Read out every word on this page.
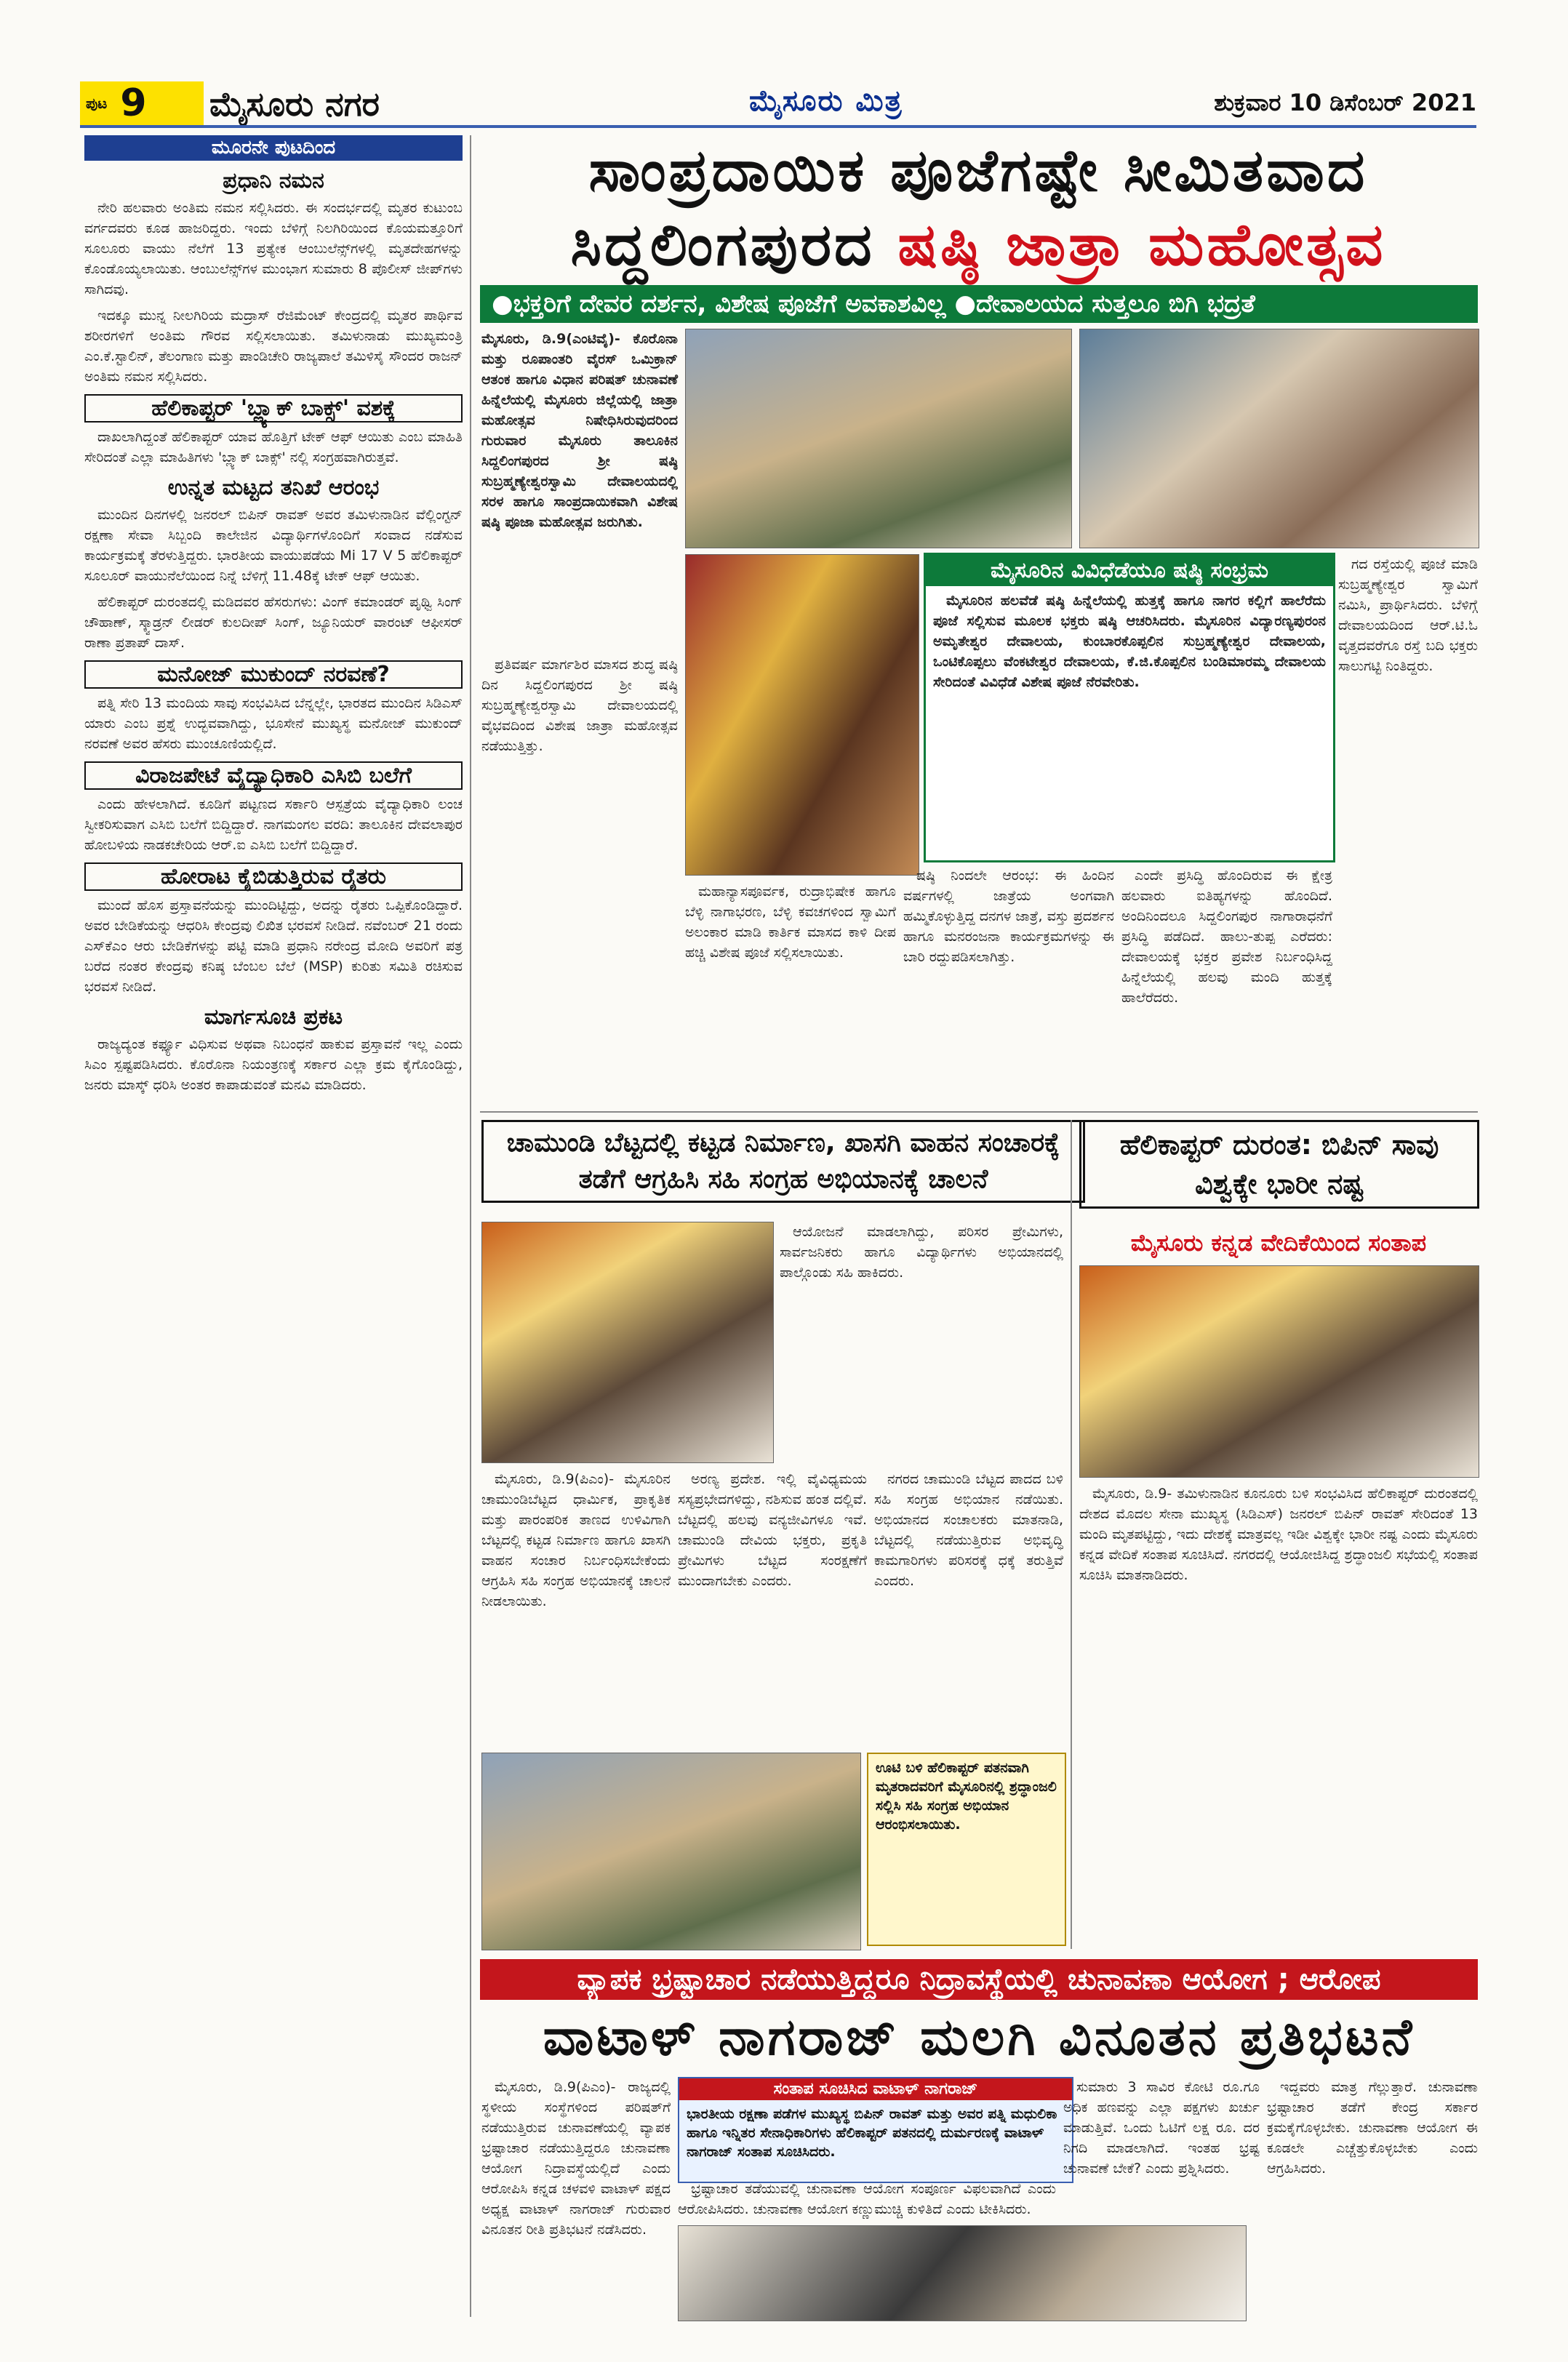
ಪುಟ 9 ಮೈಸೂರು ನಗರ	ಮೈಸೂರು ಮಿತ್ರ	ಶುಕ್ರವಾರ 10 ಡಿಸೆಂಬರ್ 2021
ಮೂರನೇ ಪುಟದಿಂದ
ಪ್ರಧಾನಿ ನಮನ

ನೇರಿ ಹಲವಾರು ಅಂತಿಮ ನಮನ ಸಲ್ಲಿಸಿದರು. ಈ ಸಂದರ್ಭದಲ್ಲಿ ಮೃತರ ಕುಟುಂಬ ವರ್ಗದವರು ಕೂಡ ಹಾಜರಿದ್ದರು. ಇಂದು ಬೆಳಿಗ್ಗೆ ನಿಲಗಿರಿಯಿಂದ ಕೊಯಮತ್ತೂರಿಗೆ ಸೂಲೂರು ವಾಯು ನೆಲೆಗೆ 13 ಪ್ರತ್ಯೇಕ ಆಂಬುಲೆನ್ಸ್‌ಗಳಲ್ಲಿ ಮೃತದೇಹಗಳನ್ನು ಕೊಂಡೊಯ್ಯಲಾಯಿತು. ಆಂಬುಲೆನ್ಸ್‌ಗಳ ಮುಂಭಾಗ ಸುಮಾರು 8 ಪೊಲೀಸ್ ಜೀಪ್‌ಗಳು ಸಾಗಿದವು.

ಇದಕ್ಕೂ ಮುನ್ನ ನೀಲಗಿರಿಯ ಮದ್ರಾಸ್ ರೆಜಿಮೆಂಟ್ ಕೇಂದ್ರದಲ್ಲಿ ಮೃತರ ಪಾರ್ಥಿವ ಶರೀರಗಳಿಗೆ ಅಂತಿಮ ಗೌರವ ಸಲ್ಲಿಸಲಾಯಿತು. ತಮಿಳುನಾಡು ಮುಖ್ಯಮಂತ್ರಿ ಎಂ.ಕೆ.ಸ್ಟಾಲಿನ್, ತೆಲಂಗಾಣ ಮತ್ತು ಪಾಂಡಿಚೇರಿ ರಾಜ್ಯಪಾಲೆ ತಮಿಳಿಸೈ ಸೌಂದರ ರಾಜನ್ ಅಂತಿಮ ನಮನ ಸಲ್ಲಿಸಿದರು.

ಹೆಲಿಕಾಪ್ಟರ್ 'ಬ್ಲ್ಯಾಕ್ ಬಾಕ್ಸ್' ವಶಕ್ಕೆ

ದಾಖಲಾಗಿದ್ದಂತೆ ಹೆಲಿಕಾಪ್ಟರ್ ಯಾವ ಹೊತ್ತಿಗೆ ಟೇಕ್ ಆಫ್ ಆಯಿತು ಎಂಬ ಮಾಹಿತಿ ಸೇರಿದಂತೆ ಎಲ್ಲಾ ಮಾಹಿತಿಗಳು 'ಬ್ಲ್ಯಾಕ್ ಬಾಕ್ಸ್' ನಲ್ಲಿ ಸಂಗ್ರಹವಾಗಿರುತ್ತವೆ.

ಉನ್ನತ ಮಟ್ಟದ ತನಿಖೆ ಆರಂಭ

ಮುಂದಿನ ದಿನಗಳಲ್ಲಿ ಜನರಲ್ ಬಿಪಿನ್ ರಾವತ್ ಅವರ ತಮಿಳುನಾಡಿನ ವೆಲ್ಲಿಂಗ್ಟನ್ ರಕ್ಷಣಾ ಸೇವಾ ಸಿಬ್ಬಂದಿ ಕಾಲೇಜಿನ ವಿದ್ಯಾರ್ಥಿಗಳೊಂದಿಗೆ ಸಂವಾದ ನಡೆಸುವ ಕಾರ್ಯಕ್ರಮಕ್ಕೆ ತೆರಳುತ್ತಿದ್ದರು. ಭಾರತೀಯ ವಾಯುಪಡೆಯ Mi 17 V 5 ಹೆಲಿಕಾಪ್ಟರ್ ಸೂಲೂರ್ ವಾಯುನೆಲೆಯಿಂದ ನಿನ್ನೆ ಬೆಳಿಗ್ಗೆ 11.48ಕ್ಕೆ ಟೇಕ್ ಆಫ್ ಆಯಿತು.

ಹೆಲಿಕಾಪ್ಟರ್ ದುರಂತದಲ್ಲಿ ಮಡಿದವರ ಹೆಸರುಗಳು: ವಿಂಗ್ ಕಮಾಂಡರ್ ಪೃಥ್ವಿ ಸಿಂಗ್ ಚೌಹಾಣ್, ಸ್ಕ್ವಾಡ್ರನ್ ಲೀಡರ್ ಕುಲದೀಪ್ ಸಿಂಗ್, ಜ್ಯೂನಿಯರ್ ವಾರಂಟ್ ಆಫೀಸರ್ ರಾಣಾ ಪ್ರತಾಪ್ ದಾಸ್.

ಮನೋಜ್ ಮುಕುಂದ್ ನರವಣೆ?

ಪತ್ನಿ ಸೇರಿ 13 ಮಂದಿಯ ಸಾವು ಸಂಭವಿಸಿದ ಬೆನ್ನಲ್ಲೇ, ಭಾರತದ ಮುಂದಿನ ಸಿಡಿಎಸ್ ಯಾರು ಎಂಬ ಪ್ರಶ್ನೆ ಉದ್ಭವವಾಗಿದ್ದು, ಭೂಸೇನೆ ಮುಖ್ಯಸ್ಥ ಮನೋಜ್ ಮುಕುಂದ್ ನರವಣೆ ಅವರ ಹೆಸರು ಮುಂಚೂಣಿಯಲ್ಲಿದೆ.

ವಿರಾಜಪೇಟೆ ವೈದ್ಯಾಧಿಕಾರಿ ಎಸಿಬಿ ಬಲೆಗೆ

ಎಂದು ಹೇಳಲಾಗಿದೆ. ಕೂಡಿಗೆ ಪಟ್ಟಣದ ಸರ್ಕಾರಿ ಆಸ್ಪತ್ರೆಯ ವೈದ್ಯಾಧಿಕಾರಿ ಲಂಚ ಸ್ವೀಕರಿಸುವಾಗ ಎಸಿಬಿ ಬಲೆಗೆ ಬಿದ್ದಿದ್ದಾರೆ. ನಾಗಮಂಗಲ ವರದಿ: ತಾಲೂಕಿನ ದೇವಲಾಪುರ ಹೋಬಳಿಯ ನಾಡಕಚೇರಿಯ ಆರ್.ಐ ಎಸಿಬಿ ಬಲೆಗೆ ಬಿದ್ದಿದ್ದಾರೆ.

ಹೋರಾಟ ಕೈಬಿಡುತ್ತಿರುವ ರೈತರು

ಮುಂದೆ ಹೊಸ ಪ್ರಸ್ತಾವನೆಯನ್ನು ಮುಂದಿಟ್ಟಿದ್ದು, ಅದನ್ನು ರೈತರು ಒಪ್ಪಿಕೊಂಡಿದ್ದಾರೆ. ಅವರ ಬೇಡಿಕೆಯನ್ನು ಆಧರಿಸಿ ಕೇಂದ್ರವು ಲಿಖಿತ ಭರವಸೆ ನೀಡಿದೆ. ನವೆಂಬರ್ 21 ರಂದು ಎಸ್‌ಕೆಎಂ ಆರು ಬೇಡಿಕೆಗಳನ್ನು ಪಟ್ಟಿ ಮಾಡಿ ಪ್ರಧಾನಿ ನರೇಂದ್ರ ಮೋದಿ ಅವರಿಗೆ ಪತ್ರ ಬರೆದ ನಂತರ ಕೇಂದ್ರವು ಕನಿಷ್ಠ ಬೆಂಬಲ ಬೆಲೆ (MSP) ಕುರಿತು ಸಮಿತಿ ರಚಿಸುವ ಭರವಸೆ ನೀಡಿದೆ.

ಮಾರ್ಗಸೂಚಿ ಪ್ರಕಟ

ರಾಜ್ಯದ್ಯಂತ ಕರ್ಫ್ಯೂ ವಿಧಿಸುವ ಅಥವಾ ನಿಬಂಧನೆ ಹಾಕುವ ಪ್ರಸ್ತಾವನೆ ಇಲ್ಲ ಎಂದು ಸಿಎಂ ಸ್ಪಷ್ಟಪಡಿಸಿದರು. ಕೊರೊನಾ ನಿಯಂತ್ರಣಕ್ಕೆ ಸರ್ಕಾರ ಎಲ್ಲಾ ಕ್ರಮ ಕೈಗೊಂಡಿದ್ದು, ಜನರು ಮಾಸ್ಕ್ ಧರಿಸಿ ಅಂತರ ಕಾಪಾಡುವಂತೆ ಮನವಿ ಮಾಡಿದರು.

ಸಾಂಪ್ರದಾಯಿಕ ಪೂಜೆಗಷ್ಟೇ ಸೀಮಿತವಾದ
ಸಿದ್ದಲಿಂಗಪುರದ ಷಷ್ಠಿ ಜಾತ್ರಾ ಮಹೋತ್ಸವ
●ಭಕ್ತರಿಗೆ ದೇವರ ದರ್ಶನ, ವಿಶೇಷ ಪೂಜೆಗೆ ಅವಕಾಶವಿಲ್ಲ ●ದೇವಾಲಯದ ಸುತ್ತಲೂ ಬಿಗಿ ಭದ್ರತೆ

ಮೈಸೂರು, ಡಿ.9(ಎಂಟಿವೈ)- ಕೊರೊನಾ ಮತ್ತು ರೂಪಾಂತರಿ ವೈರಸ್ ಒಮಿಕ್ರಾನ್ ಆತಂಕ ಹಾಗೂ ವಿಧಾನ ಪರಿಷತ್ ಚುನಾವಣೆ ಹಿನ್ನೆಲೆಯಲ್ಲಿ ಮೈಸೂರು ಜಿಲ್ಲೆಯಲ್ಲಿ ಜಾತ್ರಾ ಮಹೋತ್ಸವ ನಿಷೇಧಿಸಿರುವುದರಿಂದ ಗುರುವಾರ ಮೈಸೂರು ತಾಲೂಕಿನ ಸಿದ್ದಲಿಂಗಪುರದ ಶ್ರೀ ಷಷ್ಠಿ ಸುಬ್ರಹ್ಮಣ್ಯೇಶ್ವರಸ್ವಾಮಿ ದೇವಾಲಯದಲ್ಲಿ ಸರಳ ಹಾಗೂ ಸಾಂಪ್ರದಾಯಿಕವಾಗಿ ವಿಶೇಷ ಷಷ್ಠಿ ಪೂಜಾ ಮಹೋತ್ಸವ ಜರುಗಿತು.

ಪ್ರತಿವರ್ಷ ಮಾರ್ಗಶಿರ ಮಾಸದ ಶುದ್ಧ ಷಷ್ಠಿ ದಿನ ಸಿದ್ದಲಿಂಗಪುರದ ಶ್ರೀ ಷಷ್ಠಿ ಸುಬ್ರಹ್ಮಣ್ಯೇಶ್ವರಸ್ವಾಮಿ ದೇವಾಲಯದಲ್ಲಿ ವೈಭವದಿಂದ ವಿಶೇಷ ಜಾತ್ರಾ ಮಹೋತ್ಸವ ನಡೆಯುತ್ತಿತ್ತು.

ಮೈಸೂರಿನ ವಿವಿಧೆಡೆಯೂ ಷಷ್ಠಿ ಸಂಭ್ರಮ

ಮೈಸೂರಿನ ಹಲವೆಡೆ ಷಷ್ಠಿ ಹಿನ್ನೆಲೆಯಲ್ಲಿ ಹುತ್ತಕ್ಕೆ ಹಾಗೂ ನಾಗರ ಕಲ್ಲಿಗೆ ಹಾಲೆರೆದು ಪೂಜೆ ಸಲ್ಲಿಸುವ ಮೂಲಕ ಭಕ್ತರು ಷಷ್ಠಿ ಆಚರಿಸಿದರು. ಮೈಸೂರಿನ ವಿದ್ಯಾರಣ್ಯಪುರಂನ ಅಮೃತೇಶ್ವರ ದೇವಾಲಯ, ಕುಂಬಾರಕೊಪ್ಪಲಿನ ಸುಬ್ರಹ್ಮಣ್ಯೇಶ್ವರ ದೇವಾಲಯ, ಒಂಟಿಕೊಪ್ಪಲು ವೆಂಕಟೇಶ್ವರ ದೇವಾಲಯ, ಕೆ.ಜಿ.ಕೊಪ್ಪಲಿನ ಬಂಡಿಮಾರಮ್ಮ ದೇವಾಲಯ ಸೇರಿದಂತೆ ವಿವಿಧೆಡೆ ವಿಶೇಷ ಪೂಜೆ ನೆರವೇರಿತು.

ಗದ ರಸ್ತೆಯಲ್ಲಿ ಪೂಜೆ ಮಾಡಿ ಸುಬ್ರಹ್ಮಣ್ಯೇಶ್ವರ ಸ್ವಾಮಿಗೆ ನಮಿಸಿ, ಪ್ರಾರ್ಥಿಸಿದರು. ಬೆಳಿಗ್ಗೆ ದೇವಾಲಯದಿಂದ ಆರ್.ಟಿ.ಓ ವೃತ್ತದವರೆಗೂ ರಸ್ತೆ ಬದಿ ಭಕ್ತರು ಸಾಲುಗಟ್ಟಿ ನಿಂತಿದ್ದರು.

ಮಹಾನ್ಯಾಸಪೂರ್ವಕ, ರುದ್ರಾಭಿಷೇಕ ಹಾಗೂ ಬೆಳ್ಳಿ ನಾಗಾಭರಣ, ಬೆಳ್ಳಿ ಕವಚಗಳಿಂದ ಸ್ವಾಮಿಗೆ ಅಲಂಕಾರ ಮಾಡಿ ಕಾರ್ತಿಕ ಮಾಸದ ಕಾಳಿ ದೀಪ ಹಚ್ಚಿ ವಿಶೇಷ ಪೂಜೆ ಸಲ್ಲಿಸಲಾಯಿತು.

ಷಷ್ಠಿ ನಿಂದಲೇ ಆರಂಭ: ಈ ಹಿಂದಿನ ವರ್ಷಗಳಲ್ಲಿ ಜಾತ್ರೆಯ ಅಂಗವಾಗಿ ಹಮ್ಮಿಕೊಳ್ಳುತ್ತಿದ್ದ ದನಗಳ ಜಾತ್ರೆ, ವಸ್ತು ಪ್ರದರ್ಶನ ಹಾಗೂ ಮನರಂಜನಾ ಕಾರ್ಯಕ್ರಮಗಳನ್ನು ಈ ಬಾರಿ ರದ್ದುಪಡಿಸಲಾಗಿತ್ತು.

ಎಂದೇ ಪ್ರಸಿದ್ಧಿ ಹೊಂದಿರುವ ಈ ಕ್ಷೇತ್ರ ಹಲವಾರು ಐತಿಹ್ಯಗಳನ್ನು ಹೊಂದಿದೆ. ಅಂದಿನಿಂದಲೂ ಸಿದ್ದಲಿಂಗಪುರ ನಾಗಾರಾಧನೆಗೆ ಪ್ರಸಿದ್ಧಿ ಪಡೆದಿದೆ. ಹಾಲು-ತುಪ್ಪ ಎರೆದರು: ದೇವಾಲಯಕ್ಕೆ ಭಕ್ತರ ಪ್ರವೇಶ ನಿರ್ಬಂಧಿಸಿದ್ದ ಹಿನ್ನೆಲೆಯಲ್ಲಿ ಹಲವು ಮಂದಿ ಹುತ್ತಕ್ಕೆ ಹಾಲೆರೆದರು.

ಚಾಮುಂಡಿ ಬೆಟ್ಟದಲ್ಲಿ ಕಟ್ಟಡ ನಿರ್ಮಾಣ, ಖಾಸಗಿ ವಾಹನ ಸಂಚಾರಕ್ಕೆ ತಡೆಗೆ ಆಗ್ರಹಿಸಿ ಸಹಿ ಸಂಗ್ರಹ ಅಭಿಯಾನಕ್ಕೆ ಚಾಲನೆ

ಆಯೋಜನೆ ಮಾಡಲಾಗಿದ್ದು, ಪರಿಸರ ಪ್ರೇಮಿಗಳು, ಸಾರ್ವಜನಿಕರು ಹಾಗೂ ವಿದ್ಯಾರ್ಥಿಗಳು ಅಭಿಯಾನದಲ್ಲಿ ಪಾಲ್ಗೊಂಡು ಸಹಿ ಹಾಕಿದರು.

ಮೈಸೂರು, ಡಿ.9(ಪಿಎಂ)- ಮೈಸೂರಿನ ಚಾಮುಂಡಿಬೆಟ್ಟದ ಧಾರ್ಮಿಕ, ಪ್ರಾಕೃತಿಕ ಮತ್ತು ಪಾರಂಪರಿಕ ತಾಣದ ಉಳಿವಿಗಾಗಿ ಬೆಟ್ಟದಲ್ಲಿ ಕಟ್ಟಡ ನಿರ್ಮಾಣ ಹಾಗೂ ಖಾಸಗಿ ವಾಹನ ಸಂಚಾರ ನಿರ್ಬಂಧಿಸಬೇಕೆಂದು ಆಗ್ರಹಿಸಿ ಸಹಿ ಸಂಗ್ರಹ ಅಭಿಯಾನಕ್ಕೆ ಚಾಲನೆ ನೀಡಲಾಯಿತು.

ಅರಣ್ಯ ಪ್ರದೇಶ. ಇಲ್ಲಿ ವೈವಿಧ್ಯಮಯ ಸಸ್ಯಪ್ರಭೇದಗಳಿದ್ದು, ನಶಿಸುವ ಹಂತ ದಲ್ಲಿವೆ. ಬೆಟ್ಟದಲ್ಲಿ ಹಲವು ವನ್ಯಜೀವಿಗಳೂ ಇವೆ. ಚಾಮುಂಡಿ ದೇವಿಯ ಭಕ್ತರು, ಪ್ರಕೃತಿ ಪ್ರೇಮಿಗಳು ಬೆಟ್ಟದ ಸಂರಕ್ಷಣೆಗೆ ಮುಂದಾಗಬೇಕು ಎಂದರು.

ನಗರದ ಚಾಮುಂಡಿ ಬೆಟ್ಟದ ಪಾದದ ಬಳಿ ಸಹಿ ಸಂಗ್ರಹ ಅಭಿಯಾನ ನಡೆಯಿತು. ಅಭಿಯಾನದ ಸಂಚಾಲಕರು ಮಾತನಾಡಿ, ಬೆಟ್ಟದಲ್ಲಿ ನಡೆಯುತ್ತಿರುವ ಅಭಿವೃದ್ಧಿ ಕಾಮಗಾರಿಗಳು ಪರಿಸರಕ್ಕೆ ಧಕ್ಕೆ ತರುತ್ತಿವೆ ಎಂದರು.

ಊಟಿ ಬಳಿ ಹೆಲಿಕಾಪ್ಟರ್ ಪತನವಾಗಿ ಮೃತರಾದವರಿಗೆ ಮೈಸೂರಿನಲ್ಲಿ ಶ್ರದ್ಧಾಂಜಲಿ ಸಲ್ಲಿಸಿ ಸಹಿ ಸಂಗ್ರಹ ಅಭಿಯಾನ ಆರಂಭಿಸಲಾಯಿತು.
ಹೆಲಿಕಾಪ್ಟರ್ ದುರಂತ: ಬಿಪಿನ್ ಸಾವು ವಿಶ್ವಕ್ಕೇ ಭಾರೀ ನಷ್ಟ
ಮೈಸೂರು ಕನ್ನಡ ವೇದಿಕೆಯಿಂದ ಸಂತಾಪ

ಮೈಸೂರು, ಡಿ.9- ತಮಿಳುನಾಡಿನ ಕೂನೂರು ಬಳಿ ಸಂಭವಿಸಿದ ಹೆಲಿಕಾಪ್ಟರ್ ದುರಂತದಲ್ಲಿ ದೇಶದ ಮೊದಲ ಸೇನಾ ಮುಖ್ಯಸ್ಥ (ಸಿಡಿಎಸ್) ಜನರಲ್ ಬಿಪಿನ್ ರಾವತ್ ಸೇರಿದಂತೆ 13 ಮಂದಿ ಮೃತಪಟ್ಟಿದ್ದು, ಇದು ದೇಶಕ್ಕೆ ಮಾತ್ರವಲ್ಲ ಇಡೀ ವಿಶ್ವಕ್ಕೇ ಭಾರೀ ನಷ್ಟ ಎಂದು ಮೈಸೂರು ಕನ್ನಡ ವೇದಿಕೆ ಸಂತಾಪ ಸೂಚಿಸಿದೆ. ನಗರದಲ್ಲಿ ಆಯೋಜಿಸಿದ್ದ ಶ್ರದ್ಧಾಂಜಲಿ ಸಭೆಯಲ್ಲಿ ಸಂತಾಪ ಸೂಚಿಸಿ ಮಾತನಾಡಿದರು.

ವ್ಯಾಪಕ ಭ್ರಷ್ಟಾಚಾರ ನಡೆಯುತ್ತಿದ್ದರೂ ನಿದ್ರಾವಸ್ಥೆಯಲ್ಲಿ ಚುನಾವಣಾ ಆಯೋಗ ; ಆರೋಪ
ವಾಟಾಳ್ ನಾಗರಾಜ್ ಮಲಗಿ ವಿನೂತನ ಪ್ರತಿಭಟನೆ

ಮೈಸೂರು, ಡಿ.9(ಪಿಎಂ)- ರಾಜ್ಯದಲ್ಲಿ ಸ್ಥಳೀಯ ಸಂಸ್ಥೆಗಳಿಂದ ಪರಿಷತ್‌ಗೆ ನಡೆಯುತ್ತಿರುವ ಚುನಾವಣೆಯಲ್ಲಿ ವ್ಯಾಪಕ ಭ್ರಷ್ಟಾಚಾರ ನಡೆಯುತ್ತಿದ್ದರೂ ಚುನಾವಣಾ ಆಯೋಗ ನಿದ್ರಾವಸ್ಥೆಯಲ್ಲಿದೆ ಎಂದು ಆರೋಪಿಸಿ ಕನ್ನಡ ಚಳವಳಿ ವಾಟಾಳ್ ಪಕ್ಷದ ಅಧ್ಯಕ್ಷ ವಾಟಾಳ್ ನಾಗರಾಜ್ ಗುರುವಾರ ವಿನೂತನ ರೀತಿ ಪ್ರತಿಭಟನೆ ನಡೆಸಿದರು.

ಸಂತಾಪ ಸೂಚಿಸಿದ ವಾಟಾಳ್ ನಾಗರಾಜ್
ಭಾರತೀಯ ರಕ್ಷಣಾ ಪಡೆಗಳ ಮುಖ್ಯಸ್ಥ ಬಿಪಿನ್ ರಾವತ್ ಮತ್ತು ಅವರ ಪತ್ನಿ ಮಧುಲಿಕಾ ಹಾಗೂ ಇನ್ನಿತರ ಸೇನಾಧಿಕಾರಿಗಳು ಹೆಲಿಕಾಪ್ಟರ್ ಪತನದಲ್ಲಿ ದುರ್ಮರಣಕ್ಕೆ ವಾಟಾಳ್ ನಾಗರಾಜ್ ಸಂತಾಪ ಸೂಚಿಸಿದರು.

ಭ್ರಷ್ಟಾಚಾರ ತಡೆಯುವಲ್ಲಿ ಚುನಾವಣಾ ಆಯೋಗ ಸಂಪೂರ್ಣ ವಿಫಲವಾಗಿದೆ ಎಂದು ಆರೋಪಿಸಿದರು. ಚುನಾವಣಾ ಆಯೋಗ ಕಣ್ಣುಮುಚ್ಚಿ ಕುಳಿತಿದೆ ಎಂದು ಟೀಕಿಸಿದರು.

ಸುಮಾರು 3 ಸಾವಿರ ಕೋಟಿ ರೂ.ಗೂ ಅಧಿಕ ಹಣವನ್ನು ಎಲ್ಲಾ ಪಕ್ಷಗಳು ಖರ್ಚು ಮಾಡುತ್ತಿವೆ. ಒಂದು ಓಟಿಗೆ ಲಕ್ಷ ರೂ. ದರ ನಿಗದಿ ಮಾಡಲಾಗಿದೆ. ಇಂತಹ ಭ್ರಷ್ಟ ಚುನಾವಣೆ ಬೇಕೆ? ಎಂದು ಪ್ರಶ್ನಿಸಿದರು.

ಇದ್ದವರು ಮಾತ್ರ ಗೆಲ್ಲುತ್ತಾರೆ. ಚುನಾವಣಾ ಭ್ರಷ್ಟಾಚಾರ ತಡೆಗೆ ಕೇಂದ್ರ ಸರ್ಕಾರ ಕ್ರಮಕೈಗೊಳ್ಳಬೇಕು. ಚುನಾವಣಾ ಆಯೋಗ ಈ ಕೂಡಲೇ ಎಚ್ಚೆತ್ತುಕೊಳ್ಳಬೇಕು ಎಂದು ಆಗ್ರಹಿಸಿದರು.
